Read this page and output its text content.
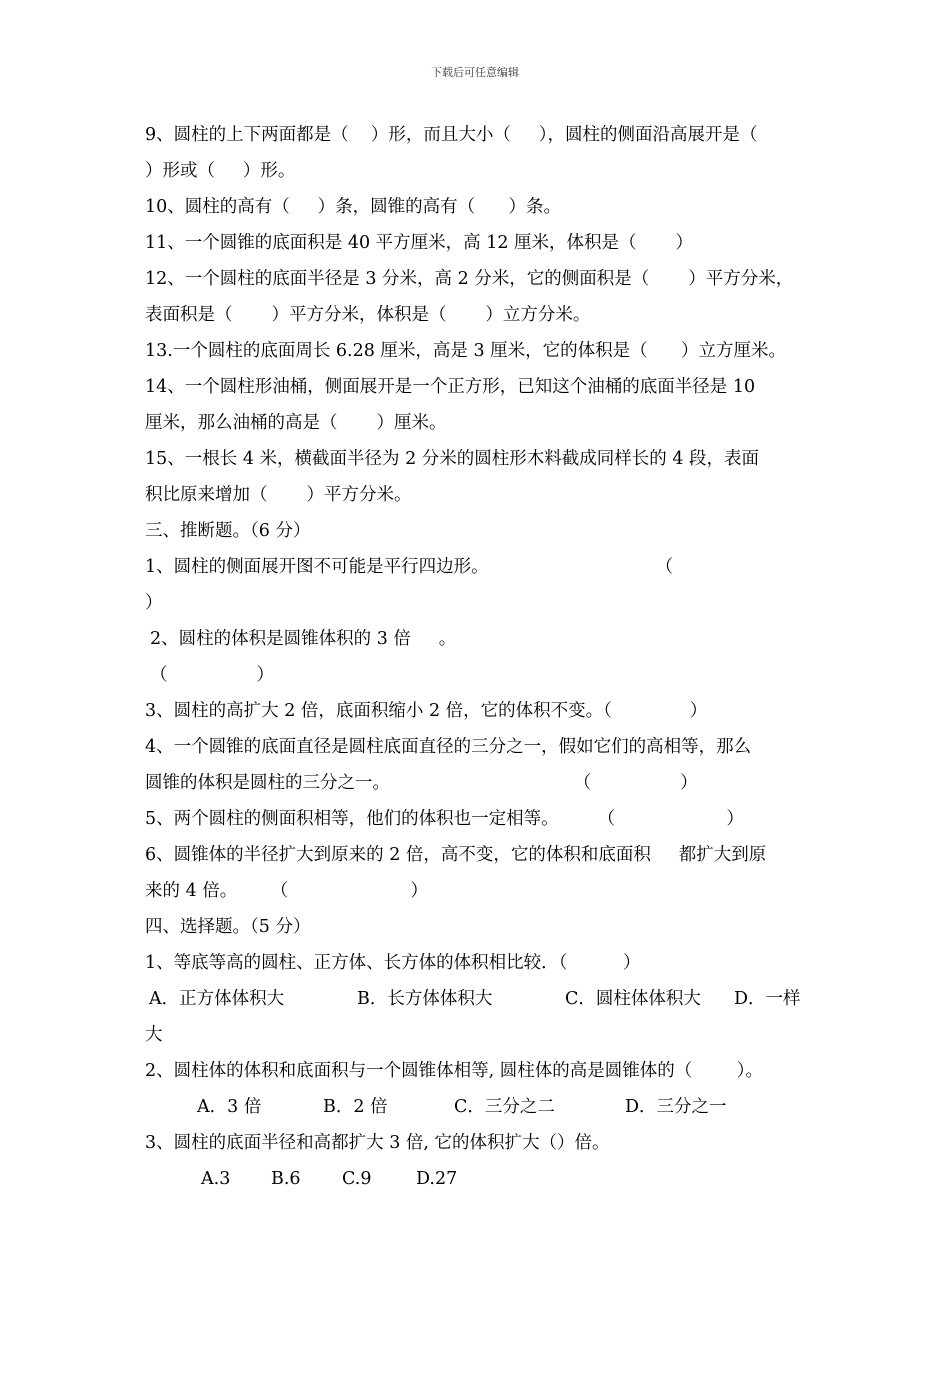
下载后可任意编辑
9、圆柱的上下两面都是（    ）形，而且大小（     ），圆柱的侧面沿高展开是（
）形或（     ）形。
10、圆柱的高有（     ）条，圆锥的高有（      ）条。
11、一个圆锥的底面积是 40 平方厘米，高 12 厘米，体积是（       ）
12、一个圆柱的底面半径是 3 分米，高 2 分米，它的侧面积是（       ）平方分米，
表面积是（       ）平方分米，体积是（       ）立方分米。
13.一个圆柱的底面周长 6.28 厘米，高是 3 厘米，它的体积是（      ）立方厘米。
14、一个圆柱形油桶，侧面展开是一个正方形，已知这个油桶的底面半径是 10
厘米，那么油桶的高是（       ）厘米。
15、一根长 4 米，横截面半径为 2 分米的圆柱形木料截成同样长的 4 段，表面
积比原来增加（       ）平方分米。
三、推断题。（6 分）
1、圆柱的侧面展开图不可能是平行四边形。                              （
）
2、圆柱的体积是圆锥体积的 3 倍     。
（                ）
3、圆柱的高扩大 2 倍，底面积缩小 2 倍，它的体积不变。（              ）
4、一个圆锥的底面直径是圆柱底面直径的三分之一，假如它们的高相等，那么
圆锥的体积是圆柱的三分之一。                                 （                ）
5、两个圆柱的侧面积相等，他们的体积也一定相等。       （                    ）
6、圆锥体的半径扩大到原来的 2 倍，高不变，它的体积和底面积     都扩大到原
来的 4 倍。      （                      ）
四、选择题。（5 分）
1、等底等高的圆柱、正方体、长方体的体积相比较．（          ）

A．正方体体积大

	B．长方体体积大

	C．圆柱体体积大

D．一样

大
2、圆柱体的体积和底面积与一个圆锥体相等, 圆柱体的高是圆锥体的（        ）。

A．3 倍

	B．2 倍

	C．三分之二

	D．三分之一

3、圆柱的底面半径和高都扩大 3 倍, 它的体积扩大（）倍。

A.3

B.6

C.9

	D.27
